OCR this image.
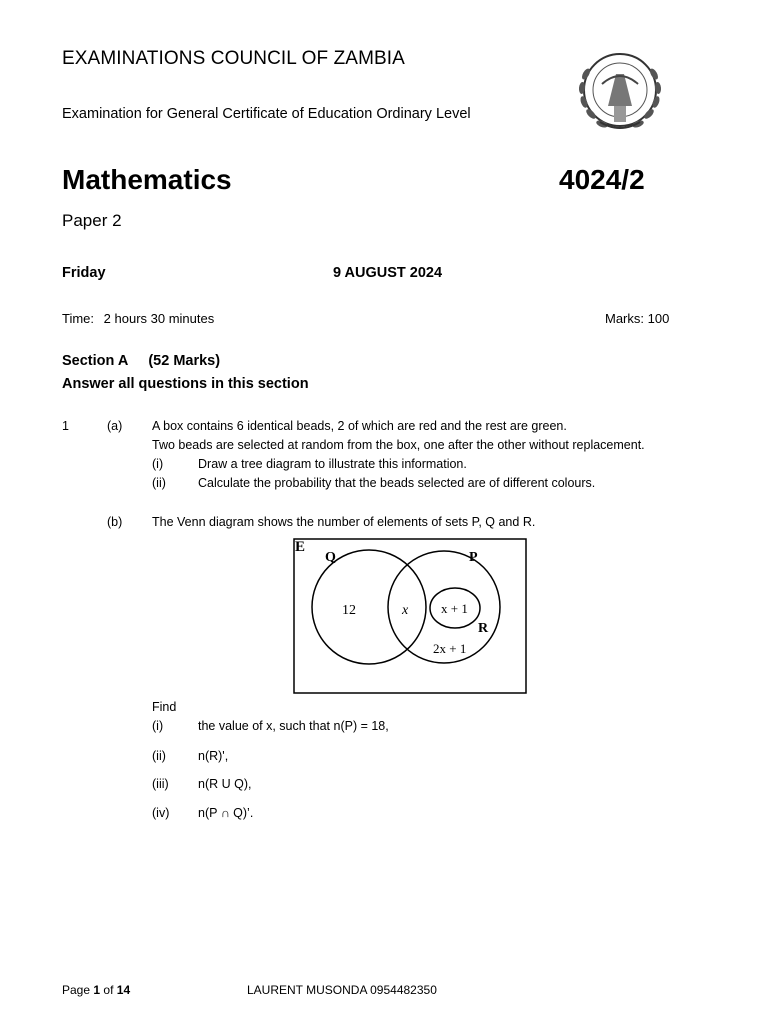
EXAMINATIONS COUNCIL OF ZAMBIA
Examination for General Certificate of Education Ordinary Level
Mathematics	4024/2
Paper 2
Friday	9 AUGUST 2024
Time: 2 hours 30 minutes	Marks: 100
Section A (52 Marks)
Answer all questions in this section
1	(a) A box contains 6 identical beads, 2 of which are red and the rest are green.
Two beads are selected at random from the box, one after the other without replacement.
(i)	Draw a tree diagram to illustrate this information.
(ii)	Calculate the probability that the beads selected are of different colours.
(b) The Venn diagram shows the number of elements of sets P, Q and R.
E
Q	P
R
12	x	x + 1
2x + 1
Find
(i)	the value of x, such that n(P) = 18,
(ii)	n(R)',
(iii) n(R U Q),
(iv) n(P ∩ Q)’.
Page 1 of 14	LAURENT MUSONDA 0954482350
